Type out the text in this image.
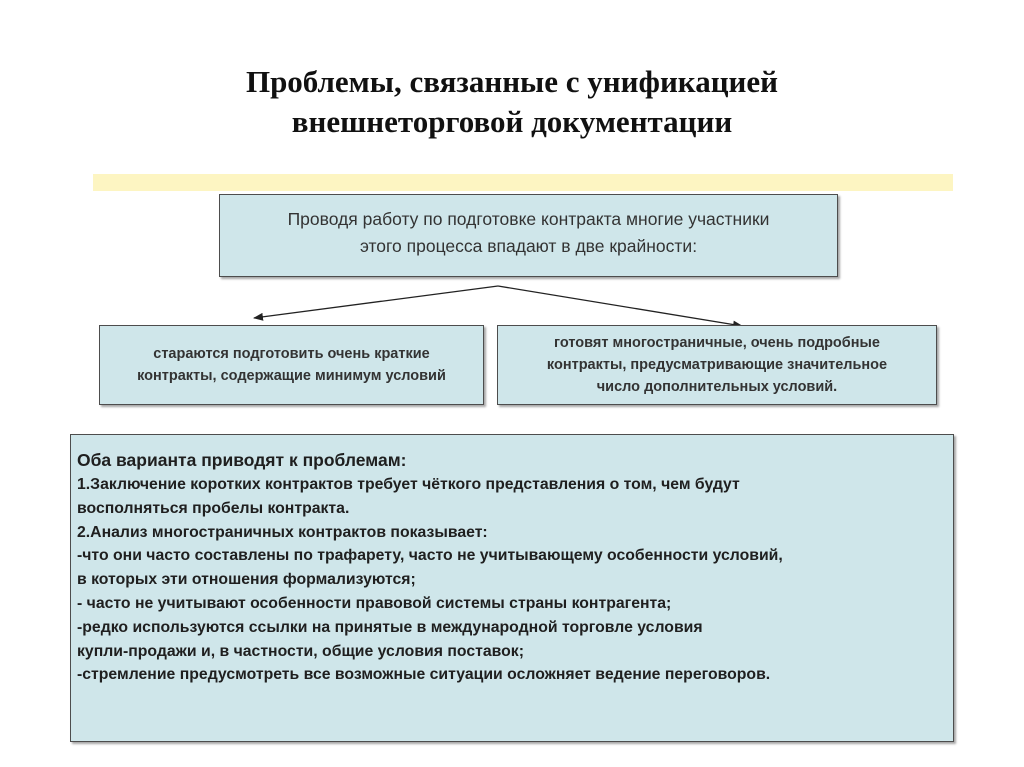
Проблемы, связанные с унификацией
внешнеторговой документации
Проводя работу по подготовке контракта многие участники
этого процесса впадают в две крайности:
стараются подготовить очень краткие
контракты, содержащие минимум условий
готовят многостраничные, очень подробные
контракты, предусматривающие значительное
число дополнительных условий.
Оба варианта приводят к проблемам:
1.Заключение коротких контрактов требует чёткого представления о том, чем будут
восполняться пробелы контракта.
2.Анализ многостраничных контрактов показывает:
-что они часто составлены по трафарету, часто не учитывающему особенности условий,
в которых эти отношения формализуются;
- часто не учитывают особенности правовой системы страны контрагента;
-редко используются ссылки на принятые в международной торговле условия
купли-продажи и, в частности, общие условия поставок;
-стремление предусмотреть все возможные ситуации осложняет ведение переговоров.
